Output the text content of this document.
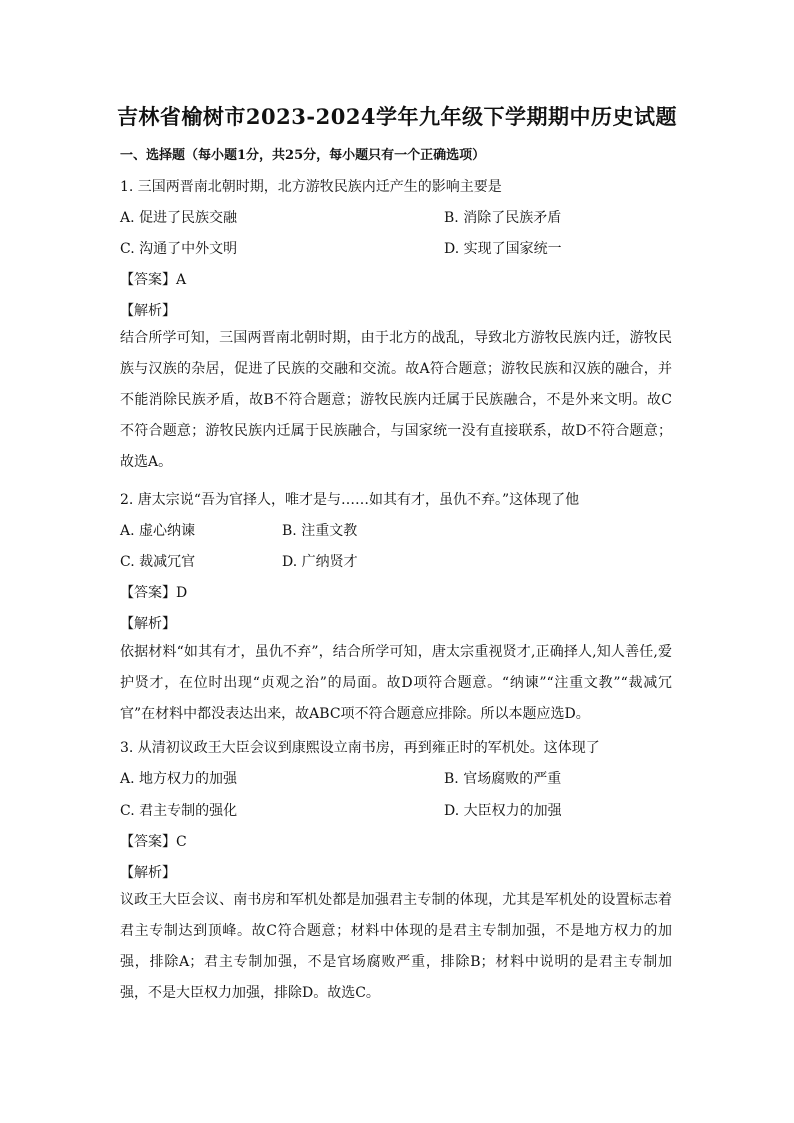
吉林省榆树市2023-2024学年九年级下学期期中历史试题
一、选择题（每小题1分，共25分，每小题只有一个正确选项）
1. 三国两晋南北朝时期，北方游牧民族内迁产生的影响主要是
A. 促进了民族交融	B. 消除了民族矛盾
C. 沟通了中外文明	D. 实现了国家统一
【答案】A
【解析】
结合所学可知，三国两晋南北朝时期，由于北方的战乱，导致北方游牧民族内迁，游牧民族与汉族的杂居，促进了民族的交融和交流。故A符合题意；游牧民族和汉族的融合，并不能消除民族矛盾，故B不符合题意；游牧民族内迁属于民族融合，不是外来文明。故C不符合题意；游牧民族内迁属于民族融合，与国家统一没有直接联系，故D不符合题意；故选A。
2. 唐太宗说“吾为官择人，唯才是与……如其有才，虽仇不弃。”这体现了他
A. 虚心纳谏	B. 注重文教
C. 裁减冗官	D. 广纳贤才
【答案】D
【解析】
依据材料“如其有才，虽仇不弃”，结合所学可知，唐太宗重视贤才,正确择人,知人善任,爱护贤才，在位时出现“贞观之治”的局面。故D项符合题意。“纳谏”“注重文教”“裁减冗官”在材料中都没表达出来，故ABC项不符合题意应排除。所以本题应选D。
3. 从清初议政王大臣会议到康熙设立南书房，再到雍正时的军机处。这体现了
A. 地方权力的加强	B. 官场腐败的严重
C. 君主专制的强化	D. 大臣权力的加强
【答案】C
【解析】
议政王大臣会议、南书房和军机处都是加强君主专制的体现，尤其是军机处的设置标志着君主专制达到顶峰。故C符合题意；材料中体现的是君主专制加强，不是地方权力的加强，排除A；君主专制加强，不是官场腐败严重，排除B；材料中说明的是君主专制加强，不是大臣权力加强，排除D。故选C。
